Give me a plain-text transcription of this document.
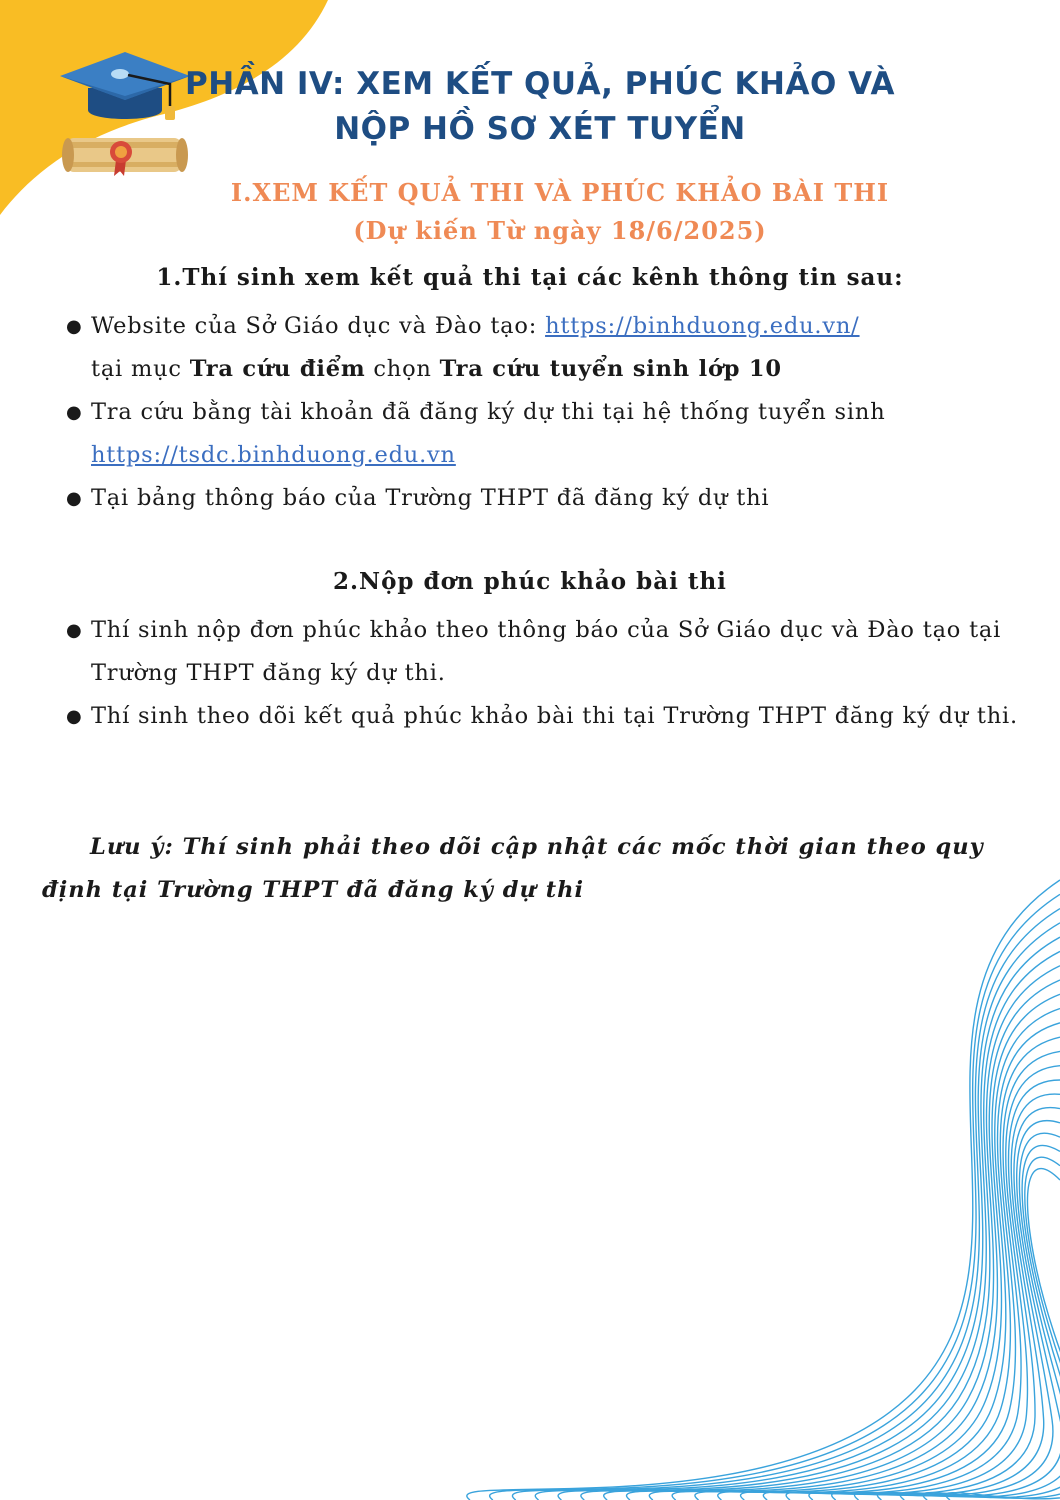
PHẦN IV: XEM KẾT QUẢ, PHÚC KHẢO VÀ
NỘP HỒ SƠ XÉT TUYỂN
I.XEM KẾT QUẢ THI VÀ PHÚC KHẢO BÀI THI
(Dự kiến Từ ngày 18/6/2025)
1.Thí sinh xem kết quả thi tại các kênh thông tin sau:
● Website của Sở Giáo dục và Đào tạo: https://binhduong.edu.vn/
tại mục Tra cứu điểm chọn Tra cứu tuyển sinh lớp 10
● Tra cứu bằng tài khoản đã đăng ký dự thi tại hệ thống tuyển sinh
https://tsdc.binhduong.edu.vn
● Tại bảng thông báo của Trường THPT đã đăng ký dự thi
2.Nộp đơn phúc khảo bài thi
● Thí sinh nộp đơn phúc khảo theo thông báo của Sở Giáo dục và Đào tạo tại Trường THPT đăng ký dự thi.
● Thí sinh theo dõi kết quả phúc khảo bài thi tại Trường THPT đăng ký dự thi.
Lưu ý: Thí sinh phải theo dõi cập nhật các mốc thời gian theo quy định tại Trường THPT đã đăng ký dự thi
